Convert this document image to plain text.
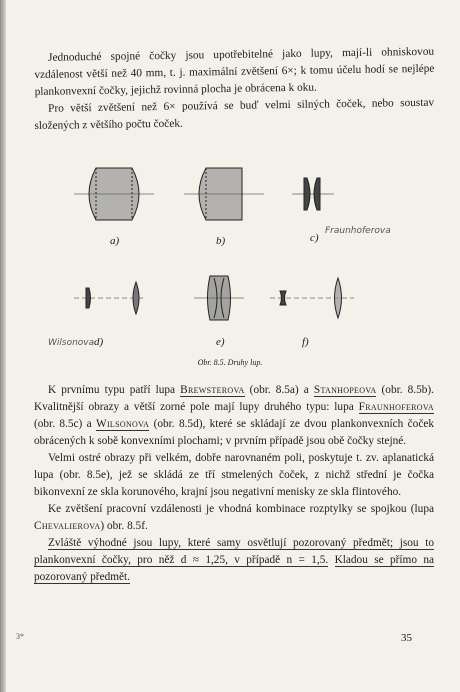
Jednoduché spojné čočky jsou upotřebitelné jako lupy, mají-li ohniskovou vzdálenost větší než 40 mm, t. j. maximální zvětšení 6×; k tomu účelu hodí se nejlépe plankonvexní čočky, jejichž rovinná plocha je obrácena k oku.

Pro větší zvětšení než 6× používá se buď velmi silných čoček, nebo soustav složených z většího počtu čoček.

a)	b)	c)
Fraunhoferova
d)
Wilsonova	e)	f)
Obr. 8.5. Druhy lup.

K prvnímu typu patří lupa Brewsterova (obr. 8.5a) a Stanhopeova (obr. 8.5b). Kvalitnější obrazy a větší zorné pole mají lupy druhého typu: lupa Fraunhoferova (obr. 8.5c) a Wilsonova (obr. 8.5d), které se skládají ze dvou plankonvexních čoček obrácených k sobě konvexními plochami; v prvním případě jsou obě čočky stejné.

Velmi ostré obrazy při velkém, dobře narovnaném poli, poskytuje t. zv. aplanatická lupa (obr. 8.5e), jež se skládá ze tří stmelených čoček, z nichž střední je čočka bikonvexní ze skla korunového, krajní jsou negativní menisky ze skla flintového.

Ke zvětšení pracovní vzdálenosti je vhodná kombinace rozptylky se spojkou (lupa Chevalierova) obr. 8.5f.

Zvláště výhodné jsou lupy, které samy osvětlují pozorovaný předmět; jsou to plankonvexní čočky, pro něž d ≈ 1,25, v případě n = 1,5. Kladou se přímo na pozorovaný předmět.

3*	35
